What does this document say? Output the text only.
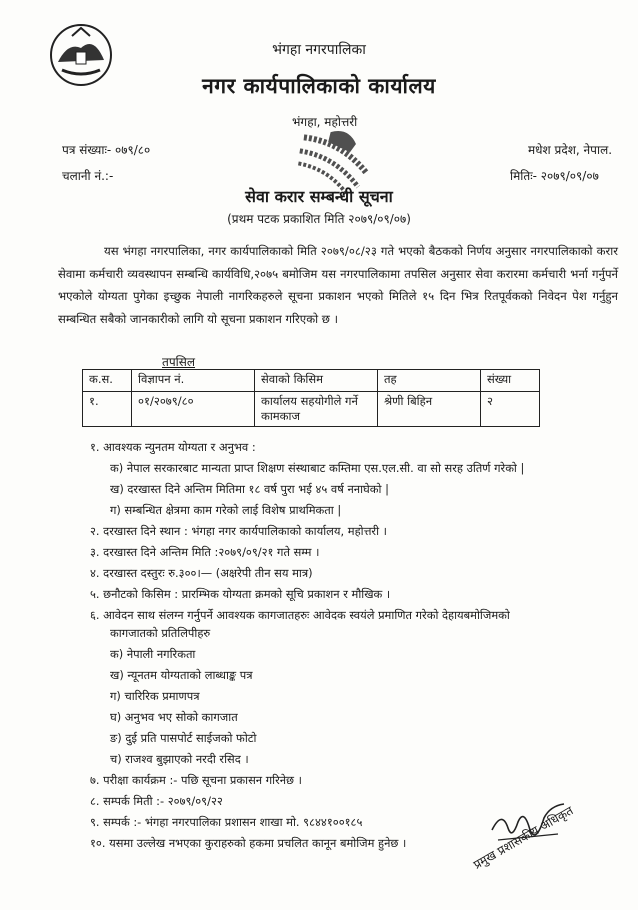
भंगहा नगरपालिका
नगर कार्यपालिकाको कार्यालय
भंगहा, महोत्तरी
पत्र संख्याः- ०७९/८०
चलानी नं.:-
मधेश प्रदेश, नेपाल.
मितिः- २०७९/०९/०७
सेवा करार सम्बन्धी सूचना
(प्रथम पटक प्रकाशित मिति २०७९/०९/०७)
यस भंगहा नगरपालिका, नगर कार्यपालिकाको मिति २०७९/०८/२३ गते भएको बैठकको निर्णय अनुसार नगरपालिकाको करार सेवामा कर्मचारी व्यवस्थापन सम्बन्धि कार्यविधि,२०७५ बमोजिम यस नगरपालिकामा तपसिल अनुसार सेवा करारमा कर्मचारी भर्ना गर्नुपर्ने भएकोले योग्यता पुगेका इच्छुक नेपाली नागरिकहरुले सूचना प्रकाशन भएको मितिले १५ दिन भित्र रितपूर्वकको निवेदन पेश गर्नुहुन सम्बन्धित सबैको जानकारीको लागि यो सूचना प्रकाशन गरिएको छ ।
तपसिल
क.स.	विज्ञापन नं.	सेवाको किसिम	तह	संख्या
१.	०१/२०७९/८०	कार्यालय सहयोगीले गर्ने कामकाज	श्रेणी बिहिन	२
१. आवश्यक न्युनतम योग्यता र अनुभव :
क) नेपाल सरकारबाट मान्यता प्राप्त शिक्षण संस्थाबाट कम्तिमा एस.एल.सी. वा सो सरह उतिर्ण गरेको |
ख) दरखास्त दिने अन्तिम मितिमा १८ वर्ष पुरा भई ४५ वर्ष ननाघेको |
ग) सम्बन्धित क्षेत्रमा काम गरेको लाई विशेष प्राथमिकता |
२. दरखास्त दिने स्थान : भंगहा नगर कार्यपालिकाको कार्यालय, महोत्तरी ।
३. दरखास्त दिने अन्तिम मिति :२०७९/०९/२१ गते सम्म ।
४. दरखास्त दस्तुरः रु.३००।— (अक्षरेपी तीन सय मात्र)
५. छनौटको किसिम : प्रारम्भिक योग्यता क्रमको सूचि प्रकाशन र मौखिक ।
६. आवेदन साथ संलग्न गर्नुपर्ने आवश्यक कागजातहरुः आवेदक स्वयंले प्रमाणित गरेको देहायबमोजिमको
कागजातको प्रतिलिपीहरु
क) नेपाली नगरिकता
ख) न्यूनतम योग्यताको लाब्धाङ्क पत्र
ग) चारिरिक प्रमाणपत्र
घ) अनुभव भए सोको कागजात
ङ) दुई प्रति पासपोर्ट साईजको फोटो
च) राजश्व बुझाएको नरदी रसिद ।
७. परीक्षा कार्यक्रम :- पछि सूचना प्रकासन गरिनेछ ।
८. सम्पर्क मिती :- २०७९/०९/२२
९. सम्पर्क :- भंगहा नगरपालिका प्रशासन शाखा मो. ९८४४१००१८५
१०. यसमा उल्लेख नभएका कुराहरुको हकमा प्रचलित कानून बमोजिम हुनेछ ।	प्रमुख प्रशासकीय अधिकृत
